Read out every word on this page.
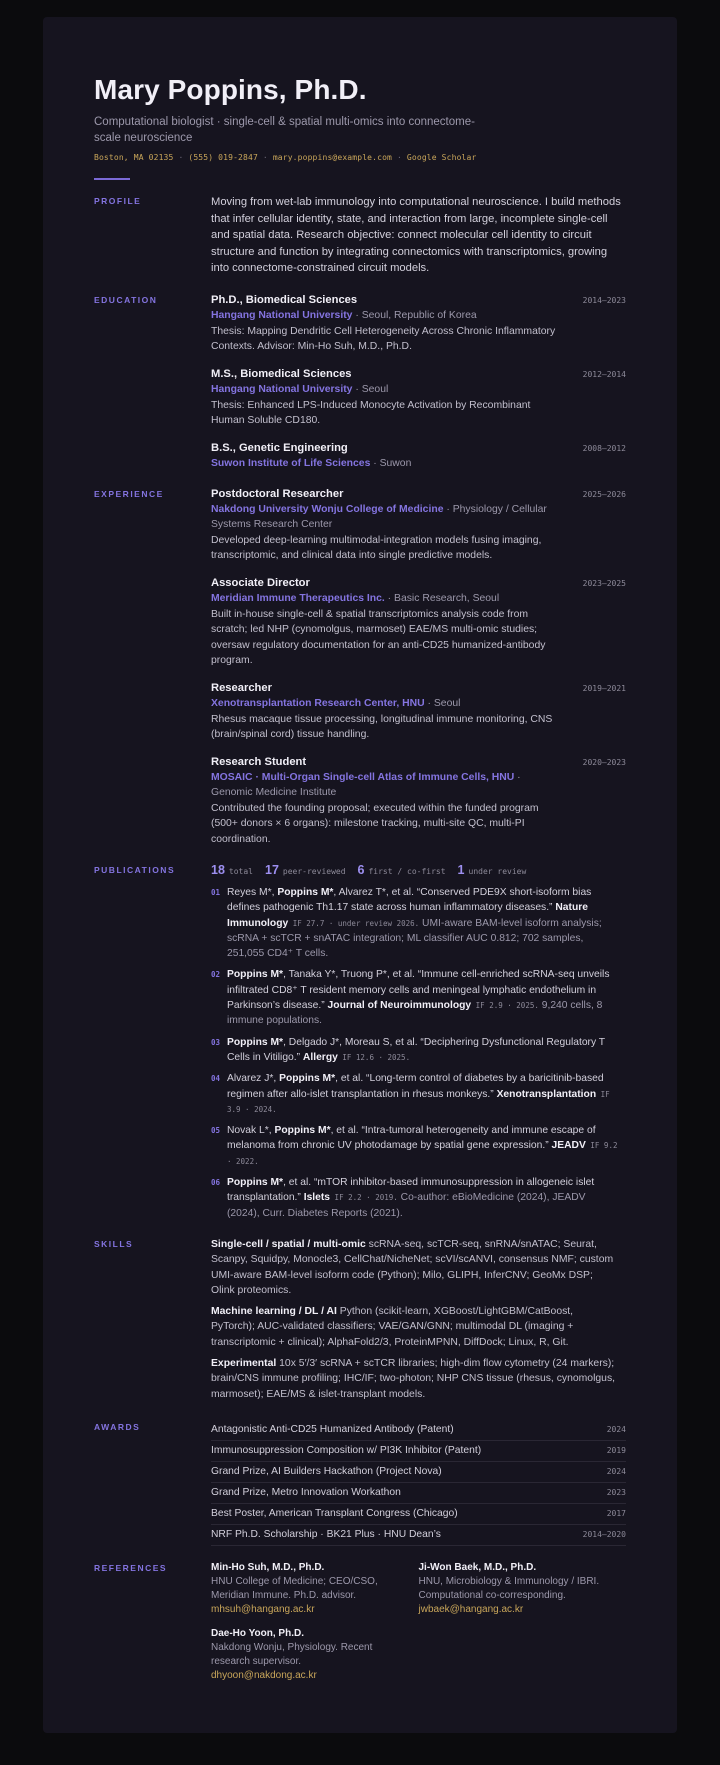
Mary Poppins, Ph.D.
Computational biologist · single-cell & spatial multi-omics into connectome-scale neuroscience
Boston, MA 02135 · (555) 019-2847 · mary.poppins@example.com · Google Scholar
PROFILE	Moving from wet-lab immunology into computational neuroscience. I build methods that infer cellular identity, state, and interaction from large, incomplete single-cell and spatial data. Research objective: connect molecular cell identity to circuit structure and function by integrating connectomics with transcriptomics, growing into connectome-constrained circuit models.
EDUCATION	Ph.D., Biomedical Sciences	2014–2023
Hangang National University · Seoul, Republic of Korea
Thesis: Mapping Dendritic Cell Heterogeneity Across Chronic Inflammatory Contexts. Advisor: Min-Ho Suh, M.D., Ph.D.
M.S., Biomedical Sciences	2012–2014
Hangang National University · Seoul
Thesis: Enhanced LPS-Induced Monocyte Activation by Recombinant Human Soluble CD180.
B.S., Genetic Engineering	2008–2012
Suwon Institute of Life Sciences · Suwon
EXPERIENCE	Postdoctoral Researcher	2025–2026
Nakdong University Wonju College of Medicine · Physiology / Cellular Systems Research Center
Developed deep-learning multimodal-integration models fusing imaging, transcriptomic, and clinical data into single predictive models.
Associate Director	2023–2025
Meridian Immune Therapeutics Inc. · Basic Research, Seoul
Built in-house single-cell & spatial transcriptomics analysis code from scratch; led NHP (cynomolgus, marmoset) EAE/MS multi-omic studies; oversaw regulatory documentation for an anti-CD25 humanized-antibody program.
Researcher	2019–2021
Xenotransplantation Research Center, HNU · Seoul
Rhesus macaque tissue processing, longitudinal immune monitoring, CNS (brain/spinal cord) tissue handling.
Research Student	2020–2023
MOSAIC · Multi-Organ Single-cell Atlas of Immune Cells, HNU · Genomic Medicine Institute
Contributed the founding proposal; executed within the funded program (500+ donors × 6 organs): milestone tracking, multi-site QC, multi-PI coordination.
PUBLICATIONS	18 total 17 peer-reviewed 6 first / co-first 1 under review
01 Reyes M*, Poppins M*, Alvarez T*, et al. “Conserved PDE9X short-isoform bias defines pathogenic Th1.17 state across human inflammatory diseases.” Nature Immunology IF 27.7 · under review 2026. UMI-aware BAM-level isoform analysis; scRNA + scTCR + snATAC integration; ML classifier AUC 0.812; 702 samples, 251,055 CD4⁺ T cells.
02 Poppins M*, Tanaka Y*, Truong P*, et al. “Immune cell-enriched scRNA-seq unveils infiltrated CD8⁺ T resident memory cells and meningeal lymphatic endothelium in Parkinson’s disease.” Journal of Neuroimmunology IF 2.9 · 2025. 9,240 cells, 8 immune populations.
03 Poppins M*, Delgado J*, Moreau S, et al. “Deciphering Dysfunctional Regulatory T Cells in Vitiligo.” Allergy IF 12.6 · 2025.
04 Alvarez J*, Poppins M*, et al. “Long-term control of diabetes by a baricitinib-based regimen after allo-islet transplantation in rhesus monkeys.” Xenotransplantation IF 3.9 · 2024.
05 Novak L*, Poppins M*, et al. “Intra-tumoral heterogeneity and immune escape of melanoma from chronic UV photodamage by spatial gene expression.” JEADV IF 9.2 · 2022.
06 Poppins M*, et al. “mTOR inhibitor-based immunosuppression in allogeneic islet transplantation.” Islets IF 2.2 · 2019. Co-author: eBioMedicine (2024), JEADV (2024), Curr. Diabetes Reports (2021).
SKILLS	Single-cell / spatial / multi-omic scRNA-seq, scTCR-seq, snRNA/snATAC; Seurat, Scanpy, Squidpy, Monocle3, CellChat/NicheNet; scVI/scANVI, consensus NMF; custom UMI-aware BAM-level isoform code (Python); Milo, GLIPH, InferCNV; GeoMx DSP; Olink proteomics.
Machine learning / DL / AI Python (scikit-learn, XGBoost/LightGBM/CatBoost, PyTorch); AUC-validated classifiers; VAE/GAN/GNN; multimodal DL (imaging + transcriptomic + clinical); AlphaFold2/3, ProteinMPNN, DiffDock; Linux, R, Git.
Experimental 10x 5′/3′ scRNA + scTCR libraries; high-dim flow cytometry (24 markers); brain/CNS immune profiling; IHC/IF; two-photon; NHP CNS tissue (rhesus, cynomolgus, marmoset); EAE/MS & islet-transplant models.
AWARDS	Antagonistic Anti-CD25 Humanized Antibody (Patent)	2024
Immunosuppression Composition w/ PI3K Inhibitor (Patent)	2019
Grand Prize, AI Builders Hackathon (Project Nova)	2024
Grand Prize, Metro Innovation Workathon	2023
Best Poster, American Transplant Congress (Chicago)	2017
NRF Ph.D. Scholarship · BK21 Plus · HNU Dean’s	2014–2020
REFERENCES	Min-Ho Suh, M.D., Ph.D.
HNU College of Medicine; CEO/CSO, Meridian Immune. Ph.D. advisor.
mhsuh@hangang.ac.kr
Ji-Won Baek, M.D., Ph.D.
HNU, Microbiology & Immunology / IBRI. Computational co-corresponding.
jwbaek@hangang.ac.kr
Dae-Ho Yoon, Ph.D.
Nakdong Wonju, Physiology. Recent research supervisor.
dhyoon@nakdong.ac.kr
